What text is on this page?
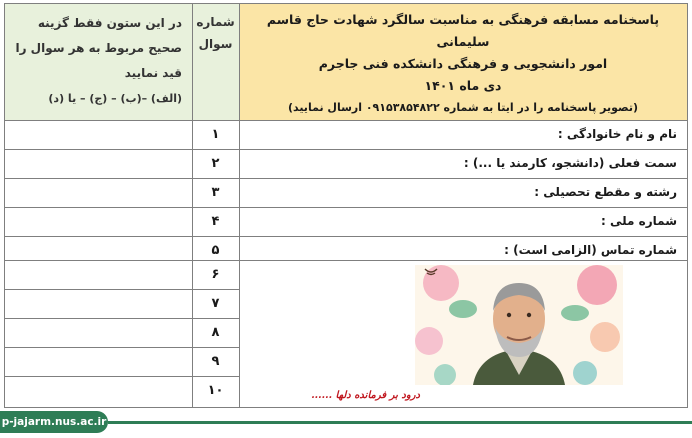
پاسخنامه مسابقه فرهنگی به مناسبت سالگرد شهادت حاج قاسم سلیمانی
امور دانشجویی و فرهنگی دانشکده فنی جاجرم
دی ماه ۱۴۰۱
(تصویر پاسخنامه را در ایتا به شماره ۰۹۱۵۳۸۵۴۸۲۲ ارسال نمایید)
شماره
سوال
در این ستون فقط گزینه
صحیح مربوط به هر سوال را
قید نمایید
(الف) –(ب) – (ج) – یا (د)
نام و نام خانوادگی :
سمت فعلی (دانشجو، کارمند یا ...) :
رشته و مقطع تحصیلی :
شماره ملی :
شماره تماس (الزامی است) :
۱
۲
۳
۴
۵
۶
۷
۸
۹
۱۰	درود بر فرمانده دلها ......
p-jajarm.nus.ac.ir
